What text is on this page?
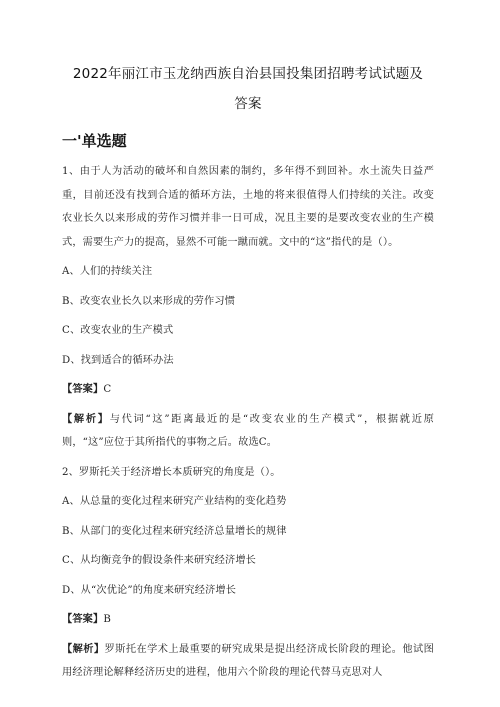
2022年丽江市玉龙纳西族自治县国投集团招聘考试试题及
答案
一'单选题

1、由于人为活动的破坏和自然因素的制约，多年得不到回补。水土流失日益严重，目前还没有找到合适的循环方法，土地的将来很值得人们持续的关注。改变农业长久以来形成的劳作习惯并非一日可成，况且主要的是要改变农业的生产模式，需要生产力的提高，显然不可能一蹴而就。文中的“这”指代的是（）。

A、人们的持续关注

B、改变农业长久以来形成的劳作习惯

C、改变农业的生产模式

D、找到适合的循环办法

【答案】C

【解析】与代词“这”距离最近的是“改变农业的生产模式”，根据就近原则，“这”应位于其所指代的事物之后。故选C。

2、罗斯托关于经济增长本质研究的角度是（）。

A、从总量的变化过程来研究产业结构的变化趋势

B、从部门的变化过程来研究经济总量增长的规律

C、从均衡竞争的假设条件来研究经济增长

D、从“次优论”的角度来研究经济增长

【答案】B

【解析】罗斯托在学术上最重要的研究成果是提出经济成长阶段的理论。他试图用经济理论解释经济历史的进程，他用六个阶段的理论代替马克思对人
